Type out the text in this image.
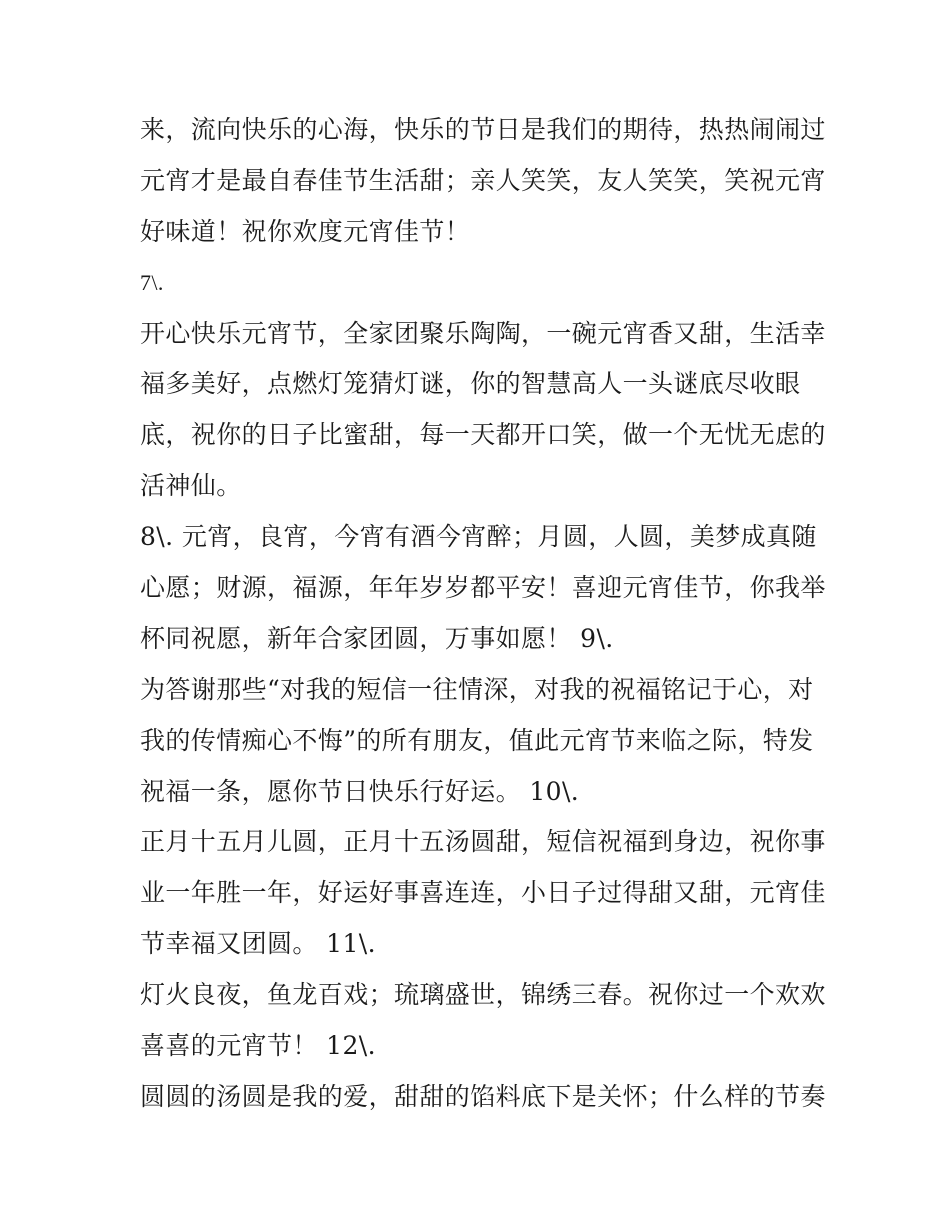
来，流向快乐的心海，快乐的节日是我们的期待，热热闹闹过
元宵才是最自春佳节生活甜；亲人笑笑，友人笑笑，笑祝元宵
好味道！祝你欢度元宵佳节！
7\.
开心快乐元宵节，全家团聚乐陶陶，一碗元宵香又甜，生活幸
福多美好，点燃灯笼猜灯谜，你的智慧高人一头谜底尽收眼
底，祝你的日子比蜜甜，每一天都开口笑，做一个无忧无虑的
活神仙。
8\. 元宵，良宵，今宵有酒今宵醉；月圆，人圆，美梦成真随
心愿；财源，福源，年年岁岁都平安！喜迎元宵佳节，你我举
杯同祝愿，新年合家团圆，万事如愿！ 9\.
为答谢那些“对我的短信一往情深，对我的祝福铭记于心，对
我的传情痴心不悔”的所有朋友，值此元宵节来临之际，特发
祝福一条，愿你节日快乐行好运。 10\.
正月十五月儿圆，正月十五汤圆甜，短信祝福到身边，祝你事
业一年胜一年，好运好事喜连连，小日子过得甜又甜，元宵佳
节幸福又团圆。 11\.
灯火良夜，鱼龙百戏；琉璃盛世，锦绣三春。祝你过一个欢欢
喜喜的元宵节！ 12\.
圆圆的汤圆是我的爱，甜甜的馅料底下是关怀；什么样的节奏
